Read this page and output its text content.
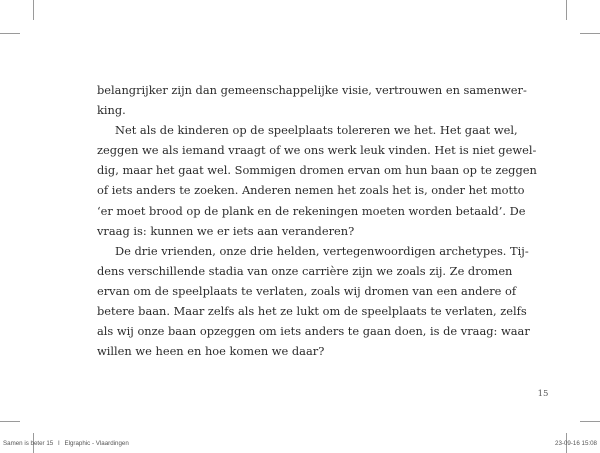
belangrijker zijn dan gemeenschappelijke visie, vertrouwen en samenwer-
king.
Net als de kinderen op de speelplaats tolereren we het. Het gaat wel,
zeggen we als iemand vraagt of we ons werk leuk vinden. Het is niet gewel-
dig, maar het gaat wel. Sommigen dromen ervan om hun baan op te zeggen
of iets anders te zoeken. Anderen nemen het zoals het is, onder het motto
‘er moet brood op de plank en de rekeningen moeten worden betaald’. De
vraag is: kunnen we er iets aan veranderen?
De drie vrienden, onze drie helden, vertegenwoordigen archetypes. Tij-
dens verschillende stadia van onze carrière zijn we zoals zij. Ze dromen
ervan om de speelplaats te verlaten, zoals wij dromen van een andere of
betere baan. Maar zelfs als het ze lukt om de speelplaats te verlaten, zelfs
als wij onze baan opzeggen om iets anders te gaan doen, is de vraag: waar
willen we heen en hoe komen we daar?
15
Samen is beter 15 I Elgraphic - Vlaardingen	23-09-16 15:08
